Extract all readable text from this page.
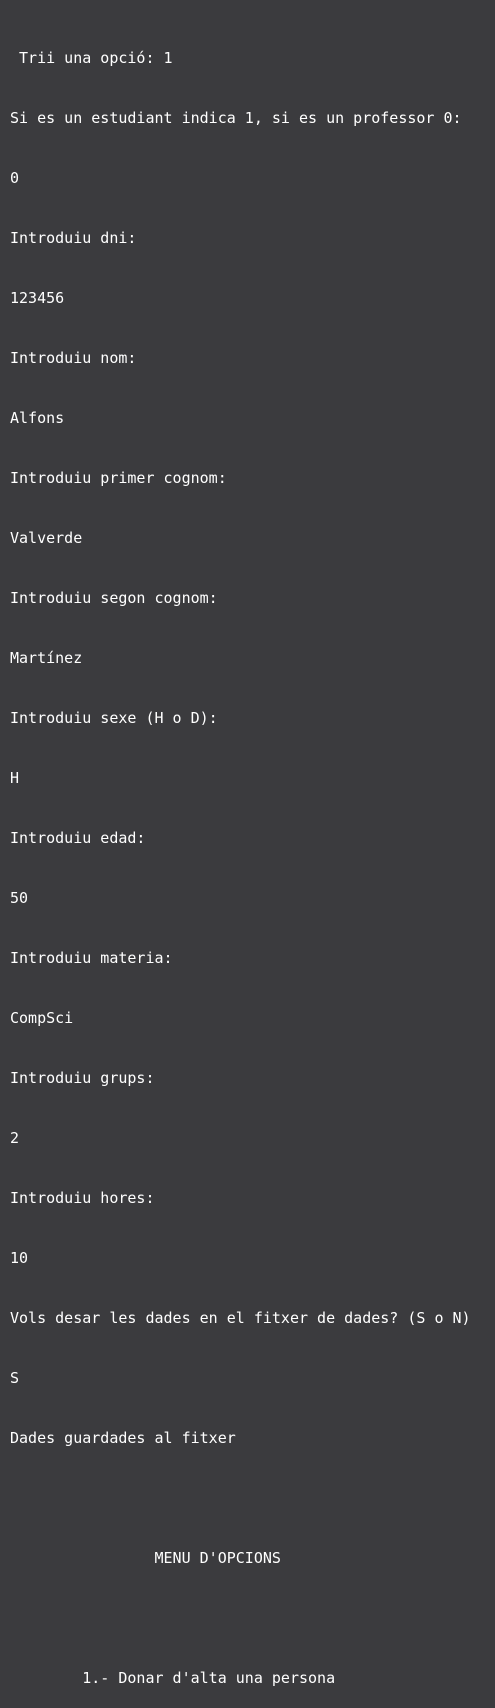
Trii una opció: 1

Si es un estudiant indica 1, si es un professor 0:

0

Introduiu dni:

123456

Introduiu nom:

Alfons

Introduiu primer cognom:

Valverde

Introduiu segon cognom:

Martínez

Introduiu sexe (H o D):

H

Introduiu edad:

50

Introduiu materia:

CompSci

Introduiu grups:

2

Introduiu hores:

10

Vols desar les dades en el fitxer de dades? (S o N)

S

Dades guardades al fitxer

MENU D'OPCIONS

1.- Donar d'alta una persona
